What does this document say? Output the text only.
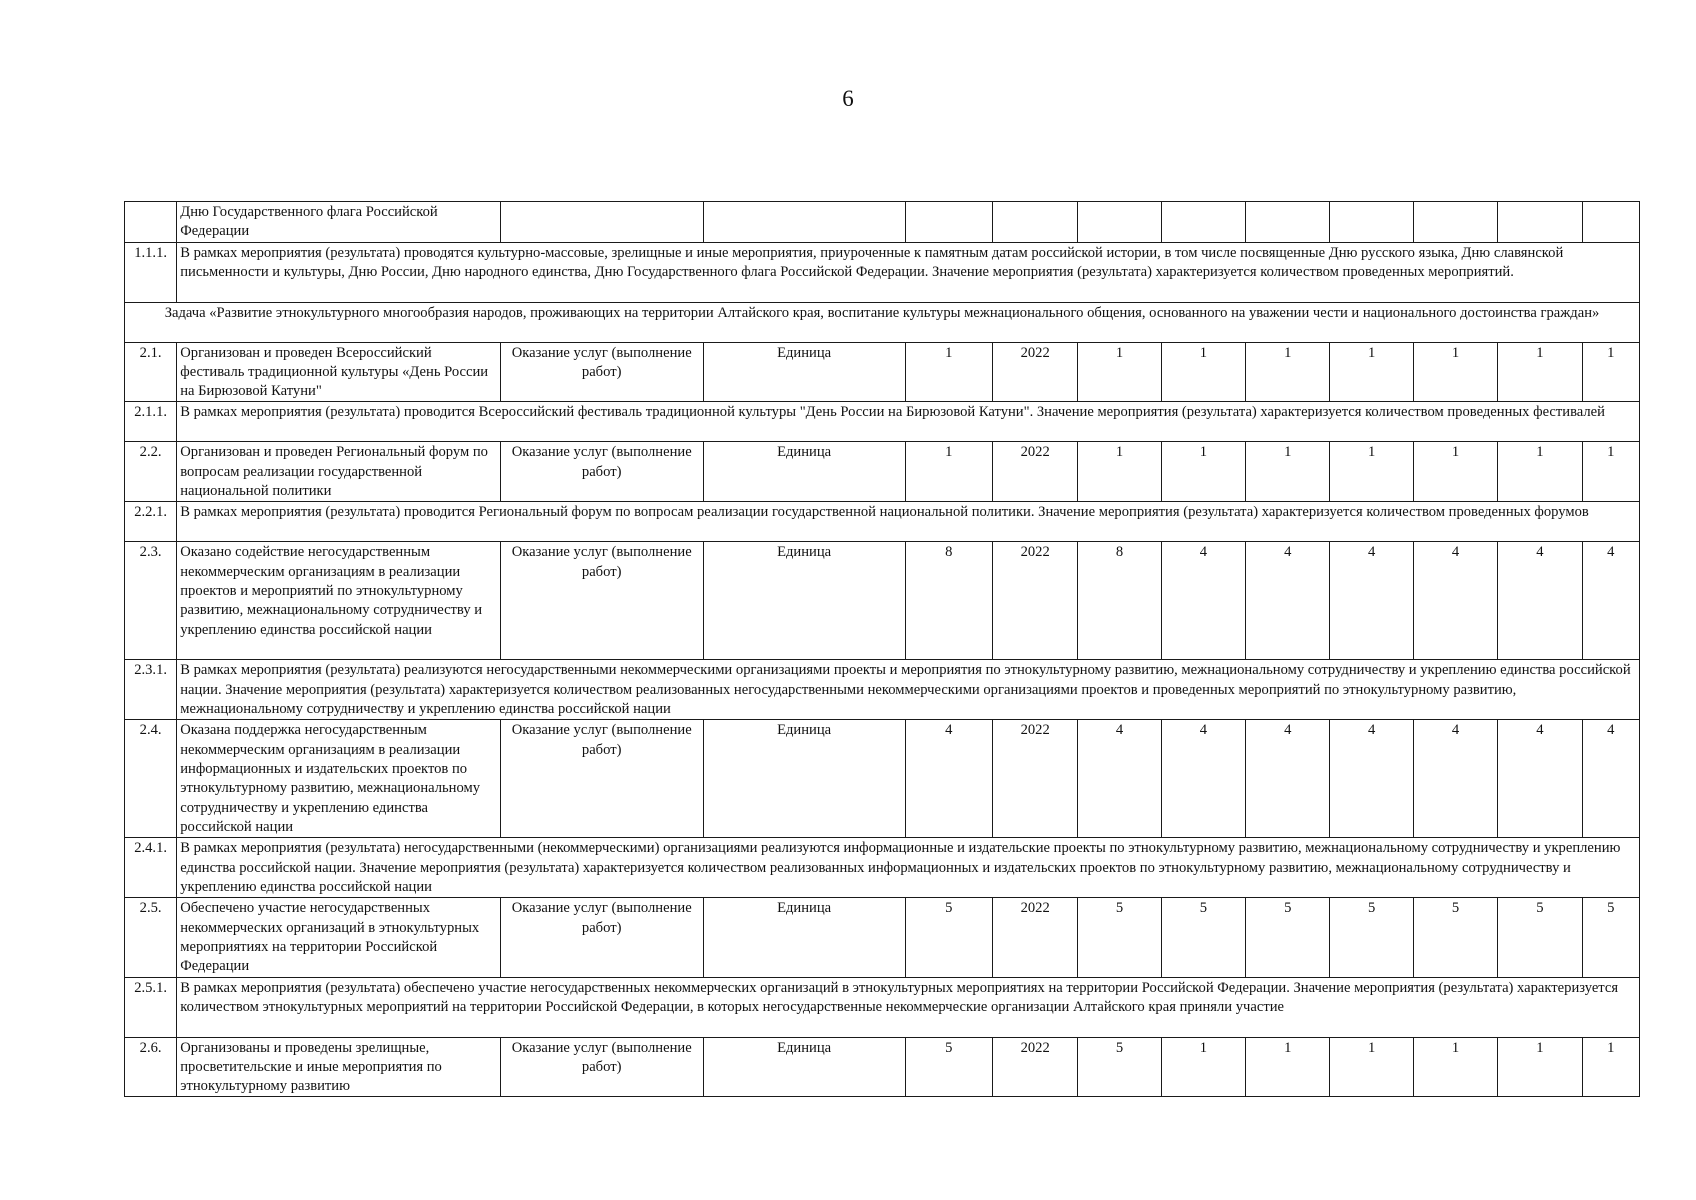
6
	Дню Государственного флага Российской Федерации											
1.1.1.	В рамках мероприятия (результата) проводятся культурно-массовые, зрелищные и иные мероприятия, приуроченные к памятным датам российской истории, в том числе посвященные Дню русского языка, Дню славянской письменности и культуры, Дню России, Дню народного единства, Дню Государственного флага Российской Федерации. Значение мероприятия (результата) характеризуется количеством проведенных мероприятий.											
Задача «Развитие этнокультурного многообразия народов, проживающих на территории Алтайского края, воспитание культуры межнационального общения, основанного на уважении чести и национального достоинства граждан»												
2.1.	Организован и проведен Всероссийский фестиваль традиционной культуры «День России на Бирюзовой Катуни"	Оказание услуг (выполнение работ)	Единица	1	2022	1	1	1	1	1	1	1
2.1.1.	В рамках мероприятия (результата) проводится Всероссийский фестиваль традиционной культуры "День России на Бирюзовой Катуни". Значение мероприятия (результата) характеризуется количеством проведенных фестивалей											
2.2.	Организован и проведен Региональный форум по вопросам реализации государственной национальной политики	Оказание услуг (выполнение работ)	Единица	1	2022	1	1	1	1	1	1	1
2.2.1.	В рамках мероприятия (результата) проводится Региональный форум по вопросам реализации государственной национальной политики. Значение мероприятия (результата) характеризуется количеством проведенных форумов											
2.3.	Оказано содействие негосударственным некоммерческим организациям в реализации проектов и мероприятий по этнокультурному развитию, межнациональному сотрудничеству и укреплению единства российской нации	Оказание услуг (выполнение работ)	Единица	8	2022	8	4	4	4	4	4	4
2.3.1.	В рамках мероприятия (результата) реализуются негосударственными некоммерческими организациями проекты и мероприятия по этнокультурному развитию, межнациональному сотрудничеству и укреплению единства российской нации. Значение мероприятия (результата) характеризуется количеством реализованных негосударственными некоммерческими организациями проектов и проведенных мероприятий по этнокультурному развитию, межнациональному сотрудничеству и укреплению единства российской нации											
2.4.	Оказана поддержка негосударственным некоммерческим организациям в реализации информационных и издательских проектов по этнокультурному развитию, межнациональному сотрудничеству и укреплению единства российской нации	Оказание услуг (выполнение работ)	Единица	4	2022	4	4	4	4	4	4	4
2.4.1.	В рамках мероприятия (результата) негосударственными (некоммерческими) организациями реализуются информационные и издательские проекты по этнокультурному развитию, межнациональному сотрудничеству и укреплению единства российской нации. Значение мероприятия (результата) характеризуется количеством реализованных информационных и издательских проектов по этнокультурному развитию, межнациональному сотрудничеству и укреплению единства российской нации											
2.5.	Обеспечено участие негосударственных некоммерческих организаций в этнокультурных мероприятиях на территории Российской Федерации	Оказание услуг (выполнение работ)	Единица	5	2022	5	5	5	5	5	5	5
2.5.1.	В рамках мероприятия (результата) обеспечено участие негосударственных некоммерческих организаций в этнокультурных мероприятиях на территории Российской Федерации. Значение мероприятия (результата) характеризуется количеством этнокультурных мероприятий на территории Российской Федерации, в которых негосударственные некоммерческие организации Алтайского края приняли участие											
2.6.	Организованы и проведены зрелищные, просветительские и иные мероприятия по этнокультурному развитию	Оказание услуг (выполнение работ)	Единица	5	2022	5	1	1	1	1	1	1
